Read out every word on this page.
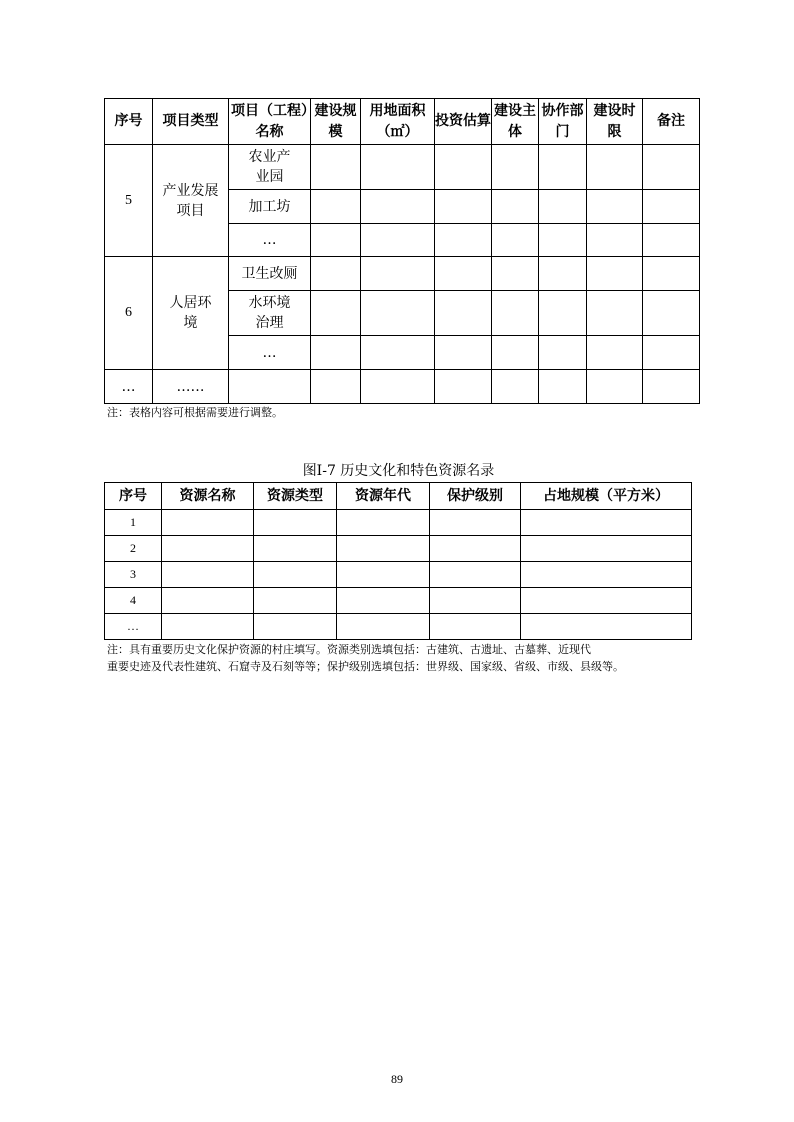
序号	项目类型	项目（工程）名称	建设规模	用地面积（㎡）	投资估算	建设主体	协作部门	建设时限	备注
5	产业发展项目	农业产业园							
		加工坊							
		…							
6	人居环境	卫生改厕							
		水环境治理							
		…							
…	……								
注：表格内容可根据需要进行调整。
图I-7 历史文化和特色资源名录
序号	资源名称	资源类型	资源年代	保护级别	占地规模（平方米）
1					
2					
3					
4					
…					
注：具有重要历史文化保护资源的村庄填写。资源类别选填包括：古建筑、古遗址、古墓葬、近现代
重要史迹及代表性建筑、石窟寺及石刻等等；保护级别选填包括：世界级、国家级、省级、市级、县级等。
89
